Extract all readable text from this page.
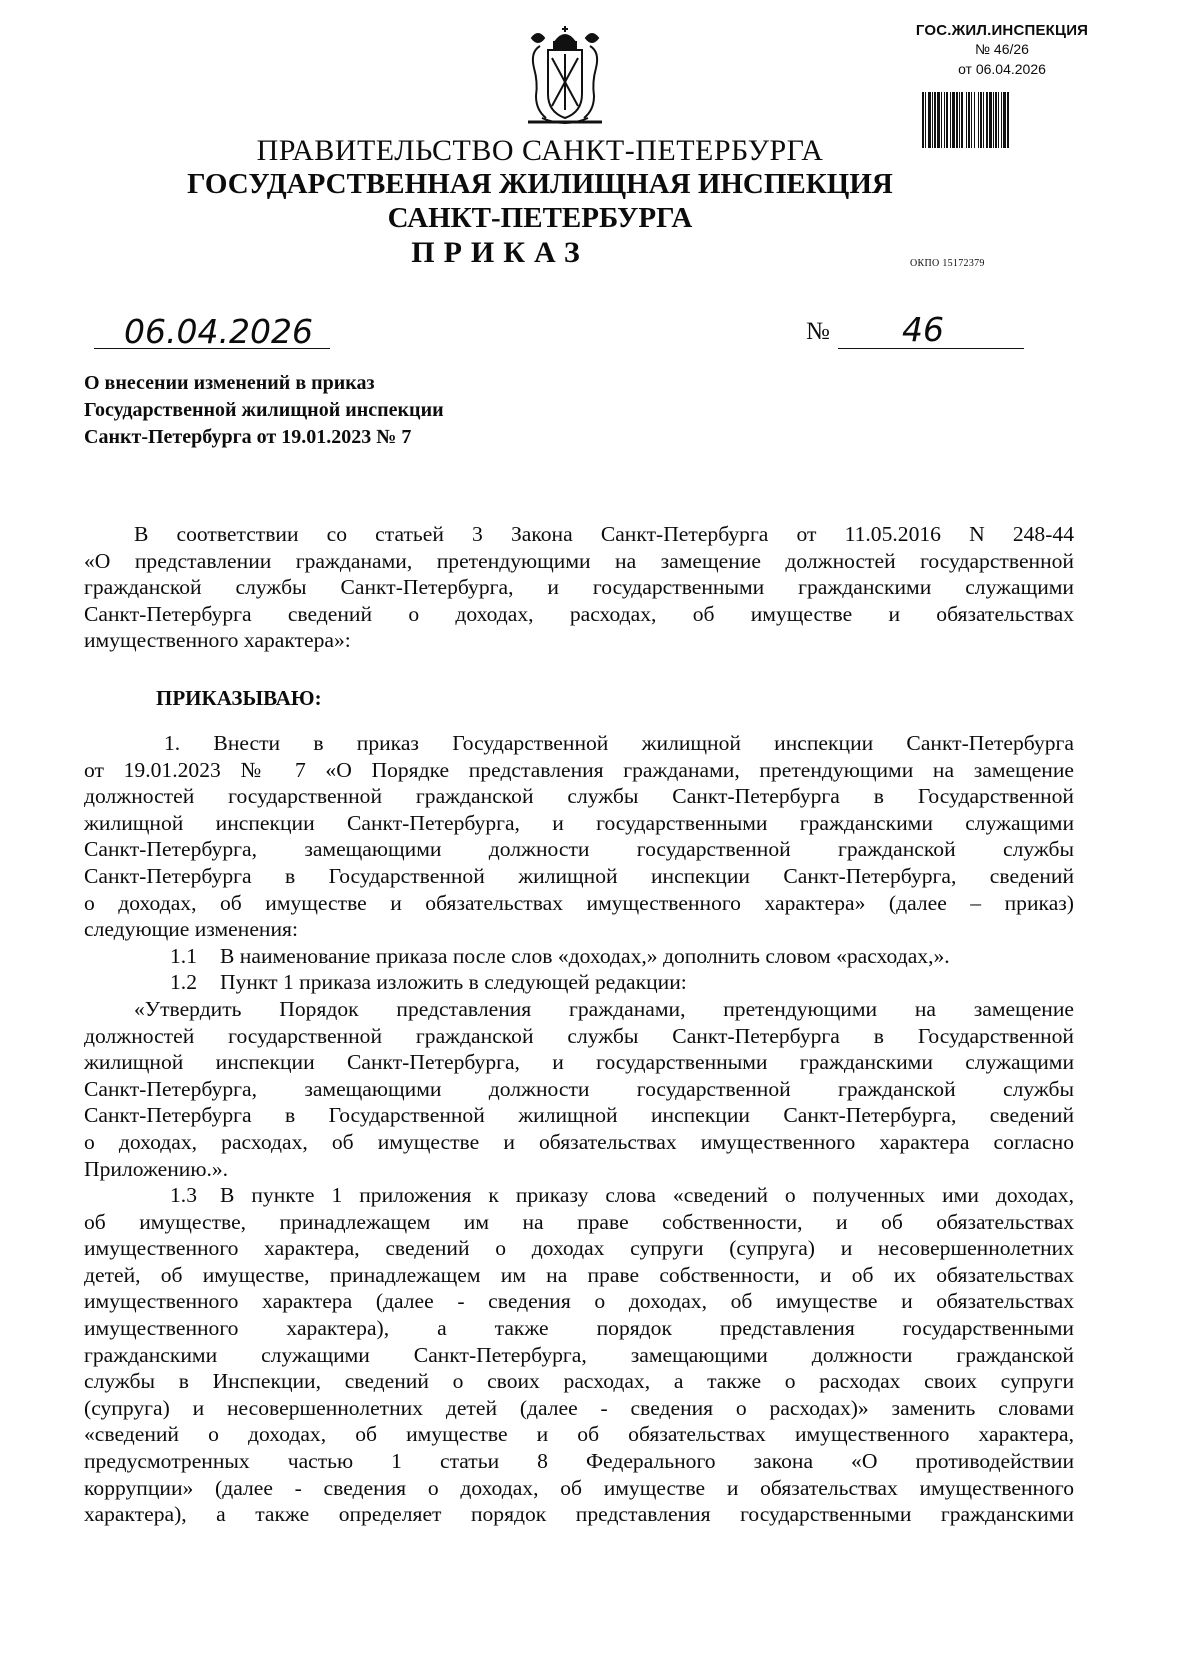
ГОС.ЖИЛ.ИНСПЕКЦИЯ
№ 46/26
от 06.04.2026
ПРАВИТЕЛЬСТВО САНКТ-ПЕТЕРБУРГА
ГОСУДАРСТВЕННАЯ ЖИЛИЩНАЯ ИНСПЕКЦИЯ
САНКТ-ПЕТЕРБУРГА
ПРИКАЗ	ОКПО 15172379
06.04.2026	№ 46
О внесении изменений в приказ
Государственной жилищной инспекции
Санкт-Петербурга от 19.01.2023 № 7
В соответствии со статьей 3 Закона Санкт-Петербурга от 11.05.2016 N 248-44
«О представлении гражданами, претендующими на замещение должностей государственной
гражданской службы Санкт-Петербурга, и государственными гражданскими служащими
Санкт-Петербурга сведений о доходах, расходах, об имуществе и обязательствах
имущественного характера»:
ПРИКАЗЫВАЮ:
1. Внести в приказ Государственной жилищной инспекции Санкт-Петербурга
от 19.01.2023 № 7 «О Порядке представления гражданами, претендующими на замещение
должностей государственной гражданской службы Санкт-Петербурга в Государственной
жилищной инспекции Санкт-Петербурга, и государственными гражданскими служащими
Санкт-Петербурга, замещающими должности государственной гражданской службы
Санкт-Петербурга в Государственной жилищной инспекции Санкт-Петербурга, сведений
о доходах, об имуществе и обязательствах имущественного характера» (далее – приказ)
следующие изменения:
1.1 В наименование приказа после слов «доходах,» дополнить словом «расходах,».
1.2 Пункт 1 приказа изложить в следующей редакции:
«Утвердить Порядок представления гражданами, претендующими на замещение
должностей государственной гражданской службы Санкт-Петербурга в Государственной
жилищной инспекции Санкт-Петербурга, и государственными гражданскими служащими
Санкт-Петербурга, замещающими должности государственной гражданской службы
Санкт-Петербурга в Государственной жилищной инспекции Санкт-Петербурга, сведений
о доходах, расходах, об имуществе и обязательствах имущественного характера согласно
Приложению.».
1.3 В пункте 1 приложения к приказу слова «сведений о полученных ими доходах,
об имуществе, принадлежащем им на праве собственности, и об обязательствах
имущественного характера, сведений о доходах супруги (супруга) и несовершеннолетних
детей, об имуществе, принадлежащем им на праве собственности, и об их обязательствах
имущественного характера (далее - сведения о доходах, об имуществе и обязательствах
имущественного характера), а также порядок представления государственными
гражданскими служащими Санкт-Петербурга, замещающими должности гражданской
службы в Инспекции, сведений о своих расходах, а также о расходах своих супруги
(супруга) и несовершеннолетних детей (далее - сведения о расходах)» заменить словами
«сведений о доходах, об имуществе и об обязательствах имущественного характера,
предусмотренных частью 1 статьи 8 Федерального закона «О противодействии
коррупции» (далее - сведения о доходах, об имуществе и обязательствах имущественного
характера), а также определяет порядок представления государственными гражданскими
